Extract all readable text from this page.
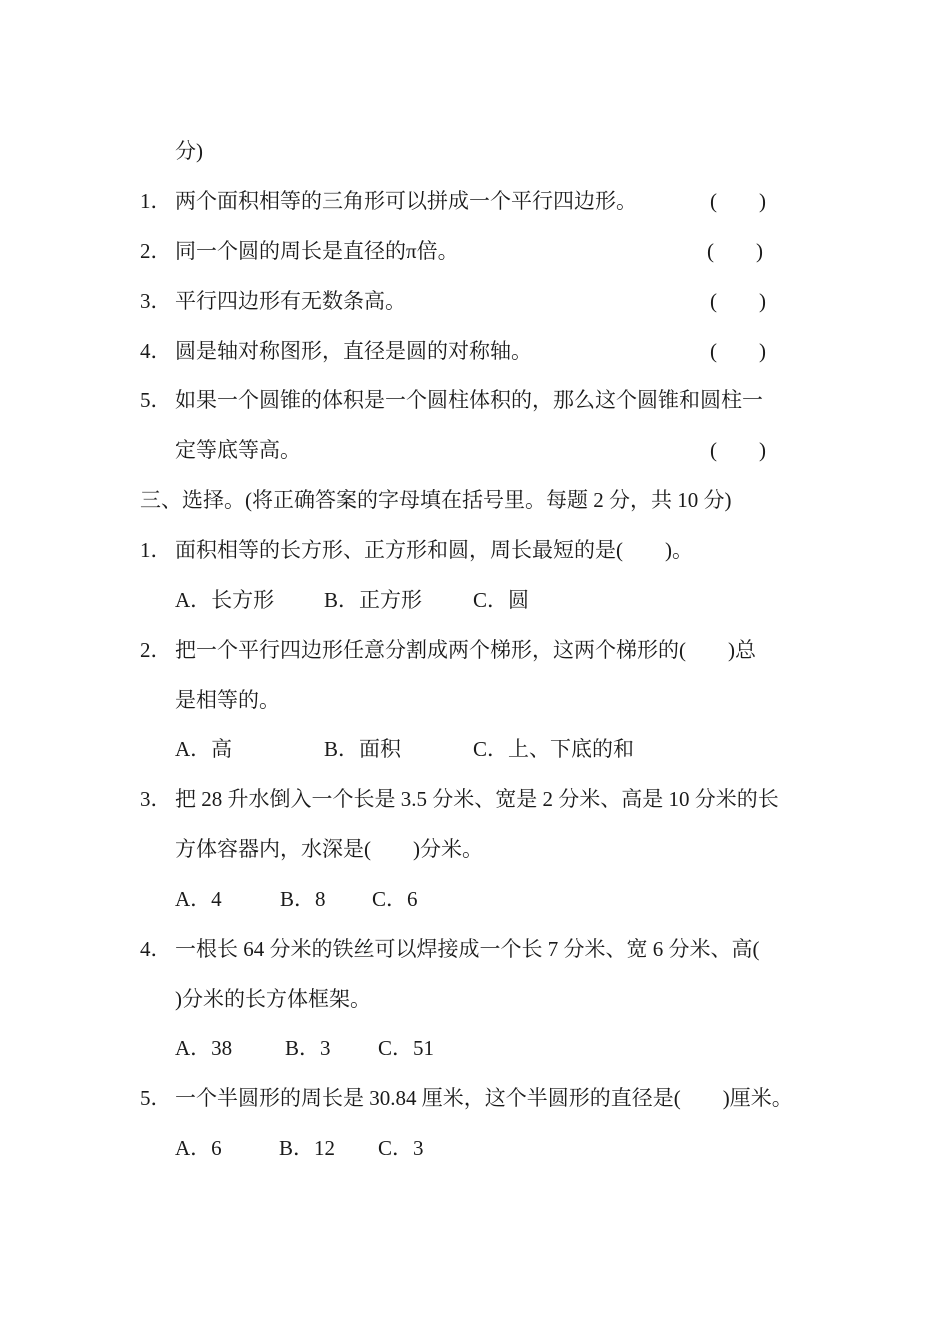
分)
1． 两个面积相等的三角形可以拼成一个平行四边形。	(　　)
2． 同一个圆的周长是直径的π倍。	(　　)
3． 平行四边形有无数条高。	(　　)
4． 圆是轴对称图形，直径是圆的对称轴。	(　　)
5． 如果一个圆锥的体积是一个圆柱体积的，那么这个圆锥和圆柱一
定等底等高。	(　　)
三、选择。(将正确答案的字母填在括号里。每题 2 分，共 10 分)
1． 面积相等的长方形、正方形和圆，周长最短的是(　　)。
A．长方形 B．正方形 C．圆
2． 把一个平行四边形任意分割成两个梯形，这两个梯形的(　　)总
是相等的。
A．高	B．面积	C．上、下底的和
3． 把 28 升水倒入一个长是 3.5 分米、宽是 2 分米、高是 10 分米的长
方体容器内，水深是(　　)分米。
A．4	B．8 C．6
4． 一根长 64 分米的铁丝可以焊接成一个长 7 分米、宽 6 分米、高(
)分米的长方体框架。
A．38	B．3 C．51
5． 一个半圆形的周长是 30.84 厘米，这个半圆形的直径是(　　)厘米。
A．6	B．12 C．3
